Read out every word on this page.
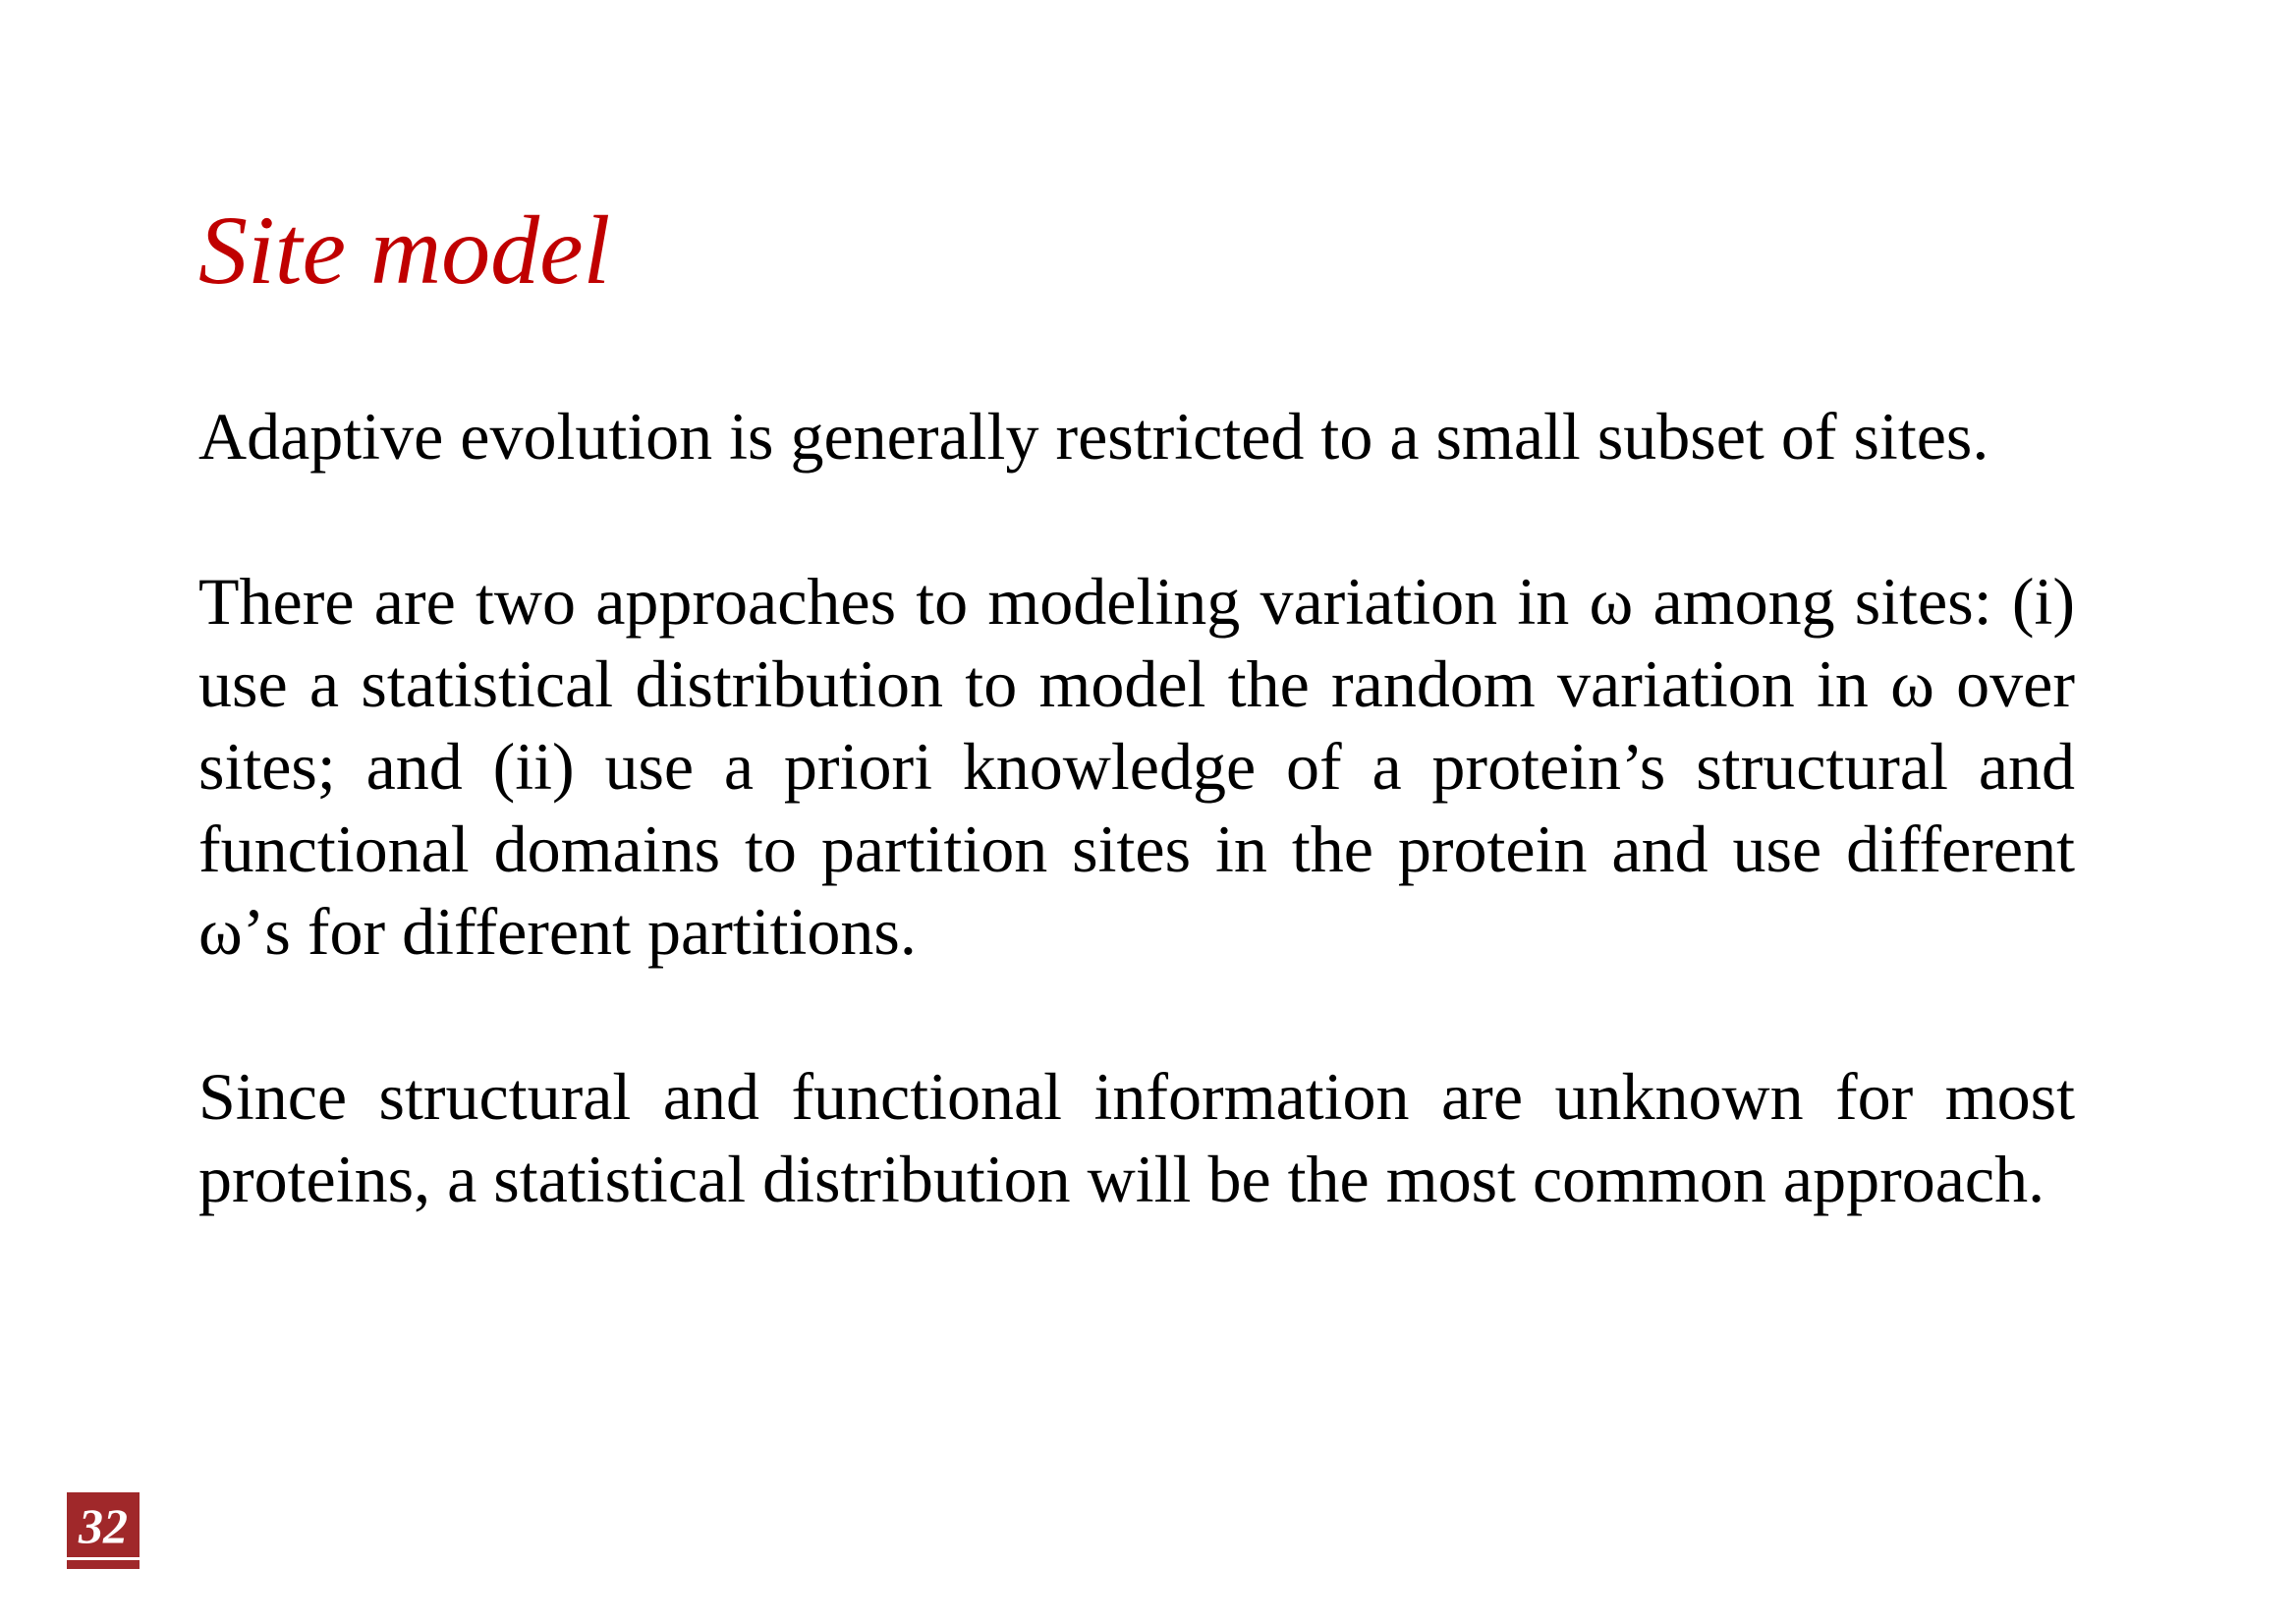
Site model

Adaptive evolution is generally restricted to a small subset of sites.

There are two approaches to modeling variation in ω among sites: (i) use a statistical distribution to model the random variation in ω over sites; and (ii) use a priori knowledge of a protein’s structural and functional domains to partition sites in the protein and use different ω’s for different partitions.

Since structural and functional information are unknown for most proteins, a statistical distribution will be the most common approach.

32
